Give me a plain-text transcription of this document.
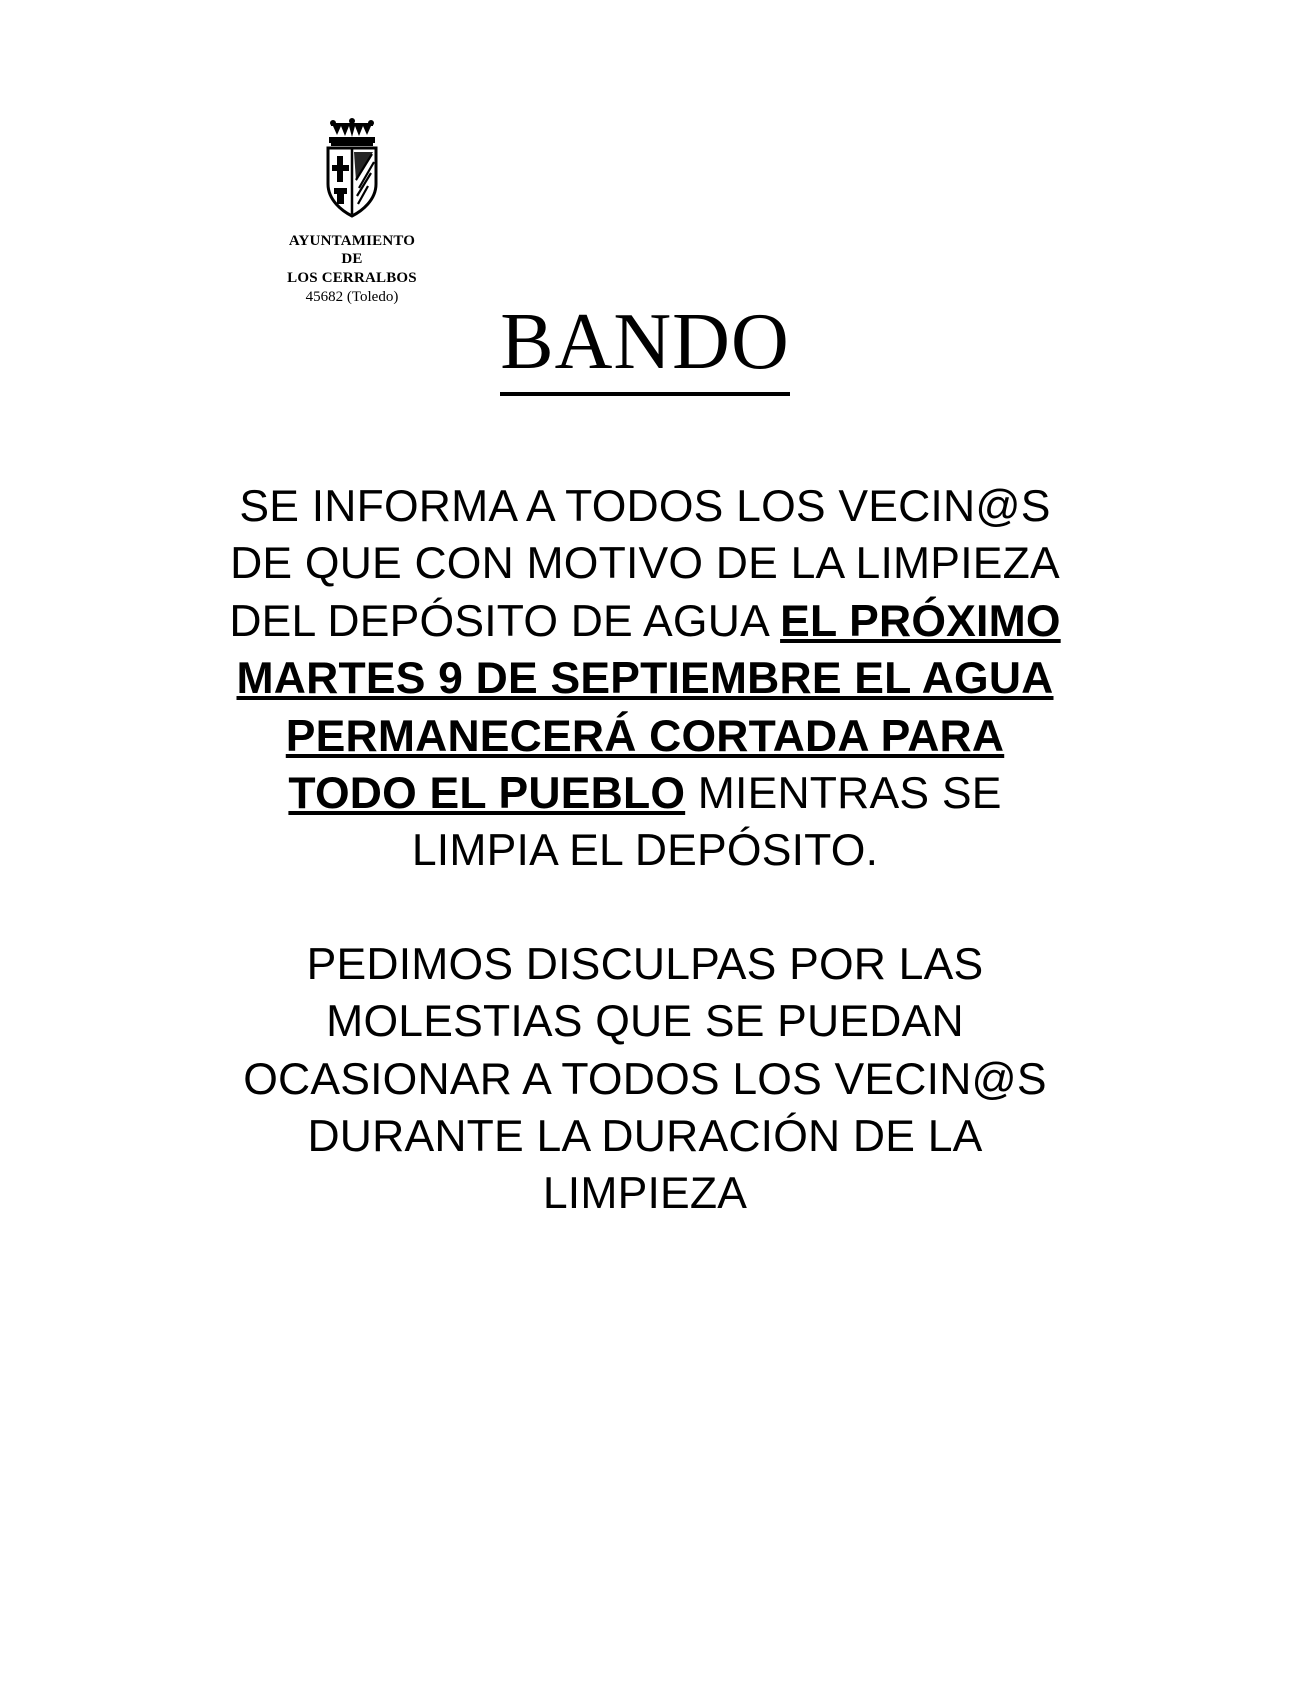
AYUNTAMIENTO
DE
LOS CERRALBOS
45682 (Toledo)
BANDO

SE INFORMA A TODOS LOS VECIN@S DE QUE CON MOTIVO DE LA LIMPIEZA DEL DEPÓSITO DE AGUA EL PRÓXIMO MARTES 9 DE SEPTIEMBRE EL AGUA PERMANECERÁ CORTADA PARA TODO EL PUEBLO MIENTRAS SE LIMPIA EL DEPÓSITO.

PEDIMOS DISCULPAS POR LAS MOLESTIAS QUE SE PUEDAN OCASIONAR A TODOS LOS VECIN@S DURANTE LA DURACIÓN DE LA LIMPIEZA
